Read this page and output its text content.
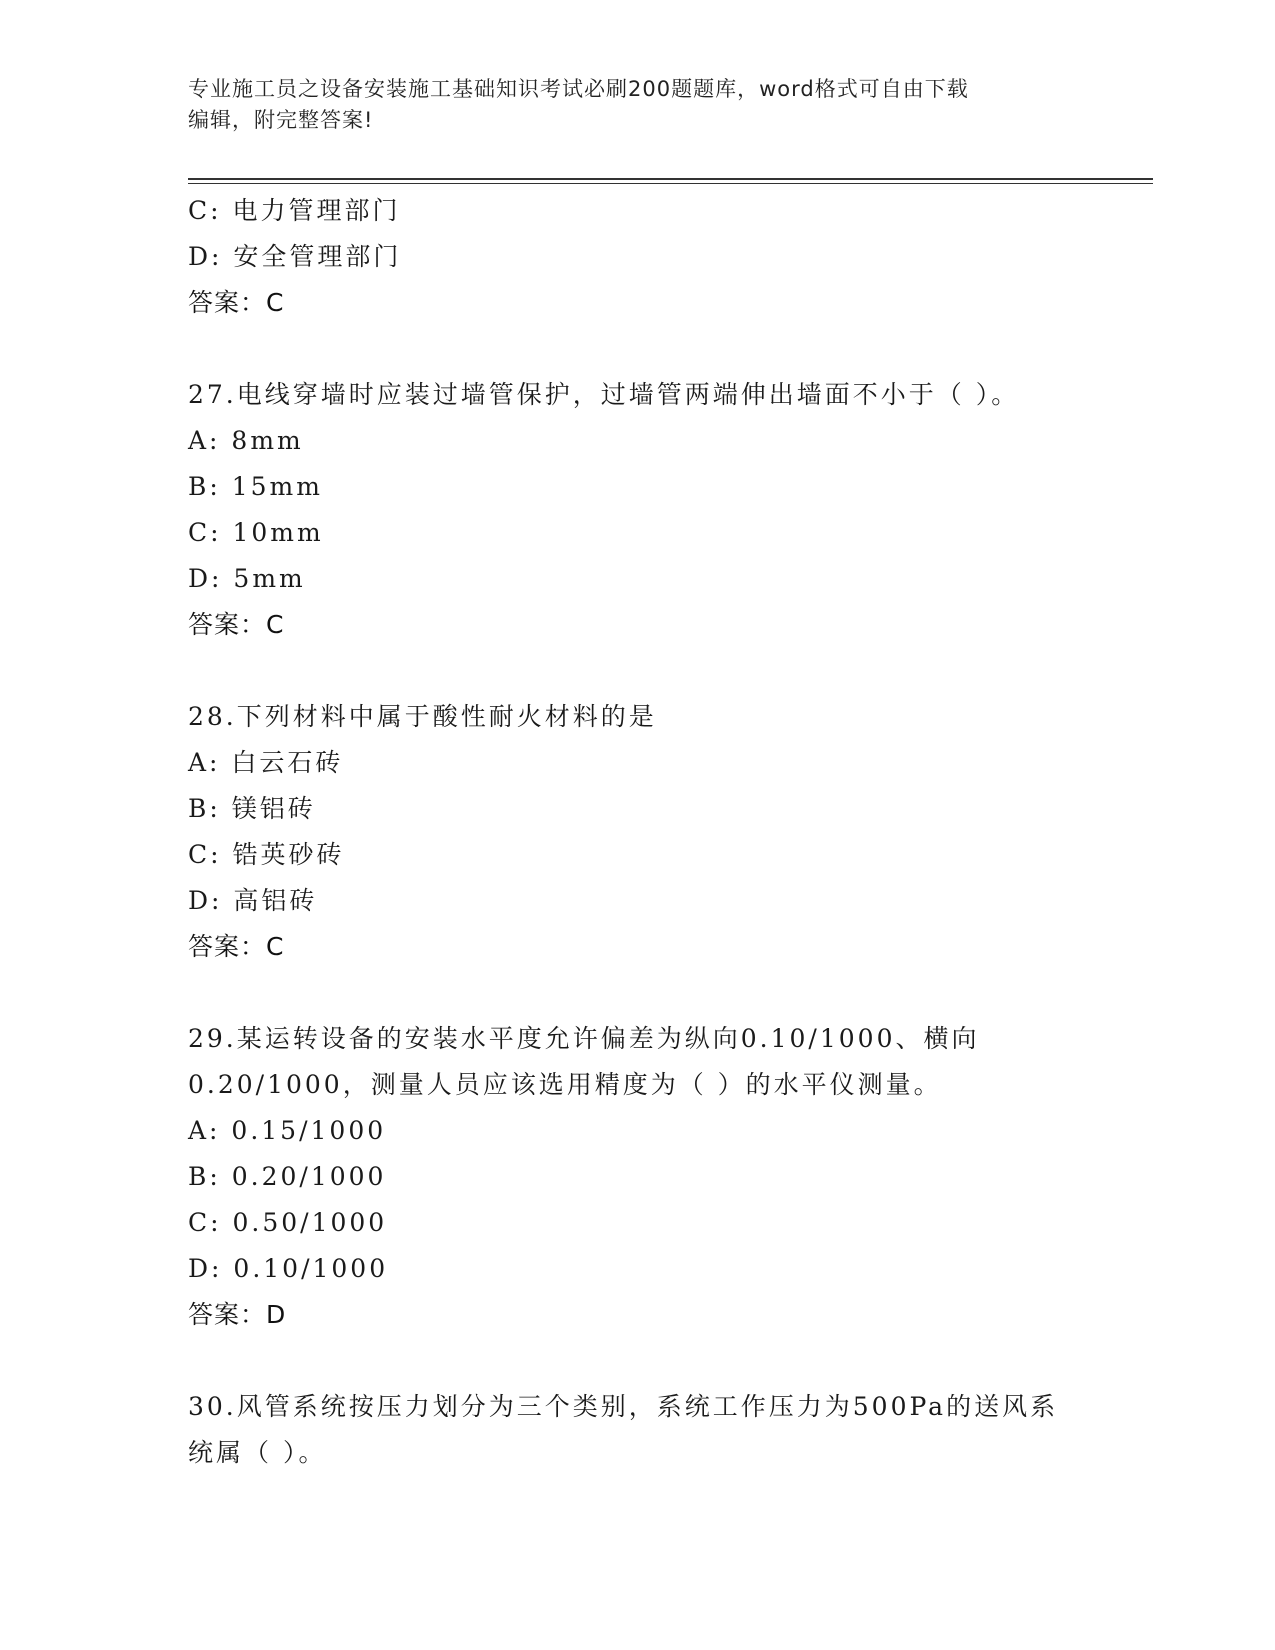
专业施工员之设备安装施工基础知识考试必刷200题题库，word格式可自由下载
编辑，附完整答案!
C: 电力管理部门
D: 安全管理部门
答案：C
27.电线穿墙时应装过墙管保护，过墙管两端伸出墙面不小于（ ）。
A: 8mm
B: 15mm
C: 10mm
D: 5mm
答案：C
28.下列材料中属于酸性耐火材料的是
A: 白云石砖
B: 镁铝砖
C: 锆英砂砖
D: 高铝砖
答案：C
29.某运转设备的安装水平度允许偏差为纵向0.10/1000、横向
0.20/1000，测量人员应该选用精度为（ ）的水平仪测量。
A: 0.15/1000
B: 0.20/1000
C: 0.50/1000
D: 0.10/1000
答案：D
30.风管系统按压力划分为三个类别，系统工作压力为500Pa的送风系
统属（ ）。
